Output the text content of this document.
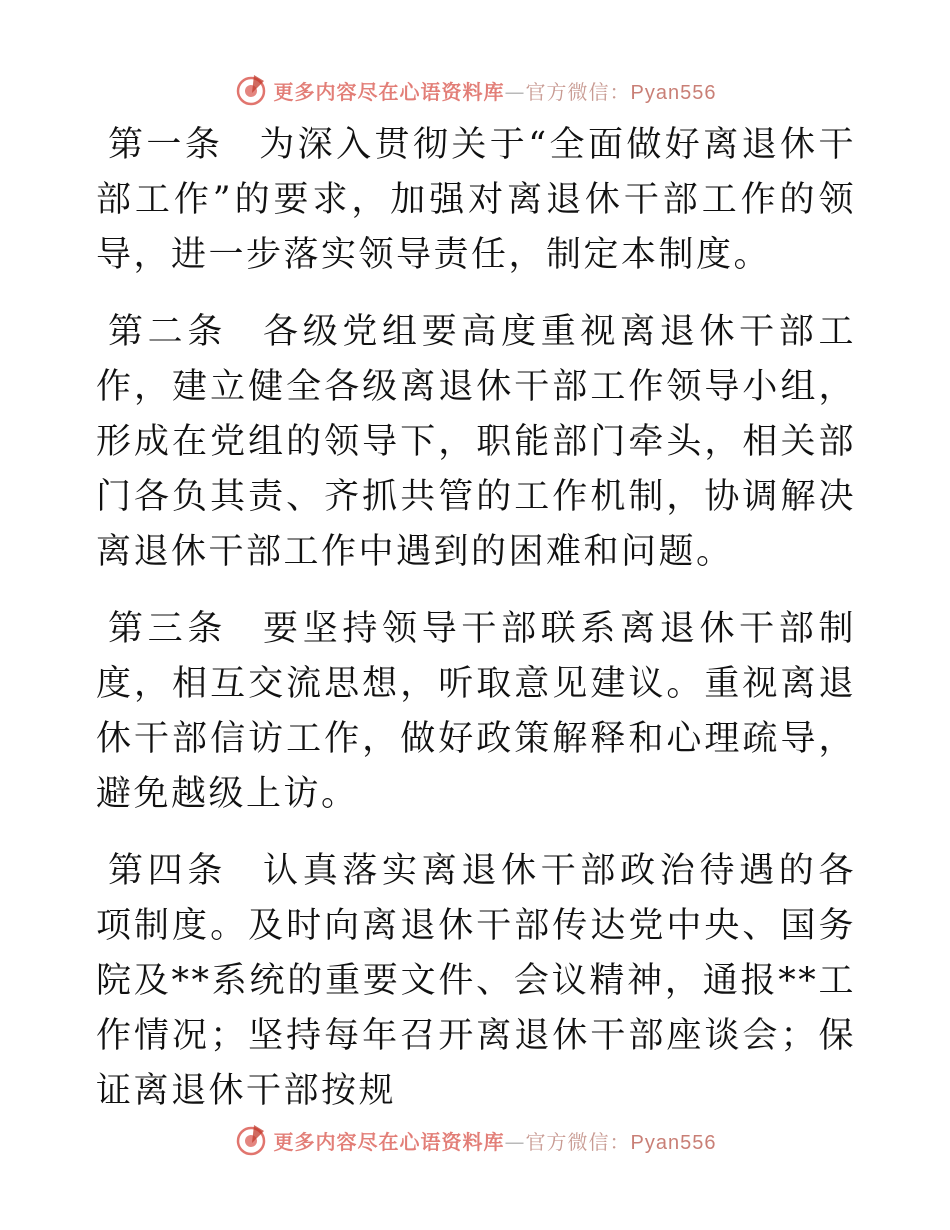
更多内容尽在心语资料库—官方微信：Pyan556

第一条 为深入贯彻关于“全面做好离退休干部工作”的要求，加强对离退休干部工作的领导，进一步落实领导责任，制定本制度。

第二条 各级党组要高度重视离退休干部工作，建立健全各级离退休干部工作领导小组，形成在党组的领导下，职能部门牵头，相关部门各负其责、齐抓共管的工作机制，协调解决离退休干部工作中遇到的困难和问题。

第三条 要坚持领导干部联系离退休干部制度，相互交流思想，听取意见建议。重视离退休干部信访工作，做好政策解释和心理疏导，避免越级上访。

第四条 认真落实离退休干部政治待遇的各项制度。及时向离退休干部传达党中央、国务院及**系统的重要文件、会议精神，通报**工作情况；坚持每年召开离退休干部座谈会；保证离退休干部按规

更多内容尽在心语资料库—官方微信：Pyan556
